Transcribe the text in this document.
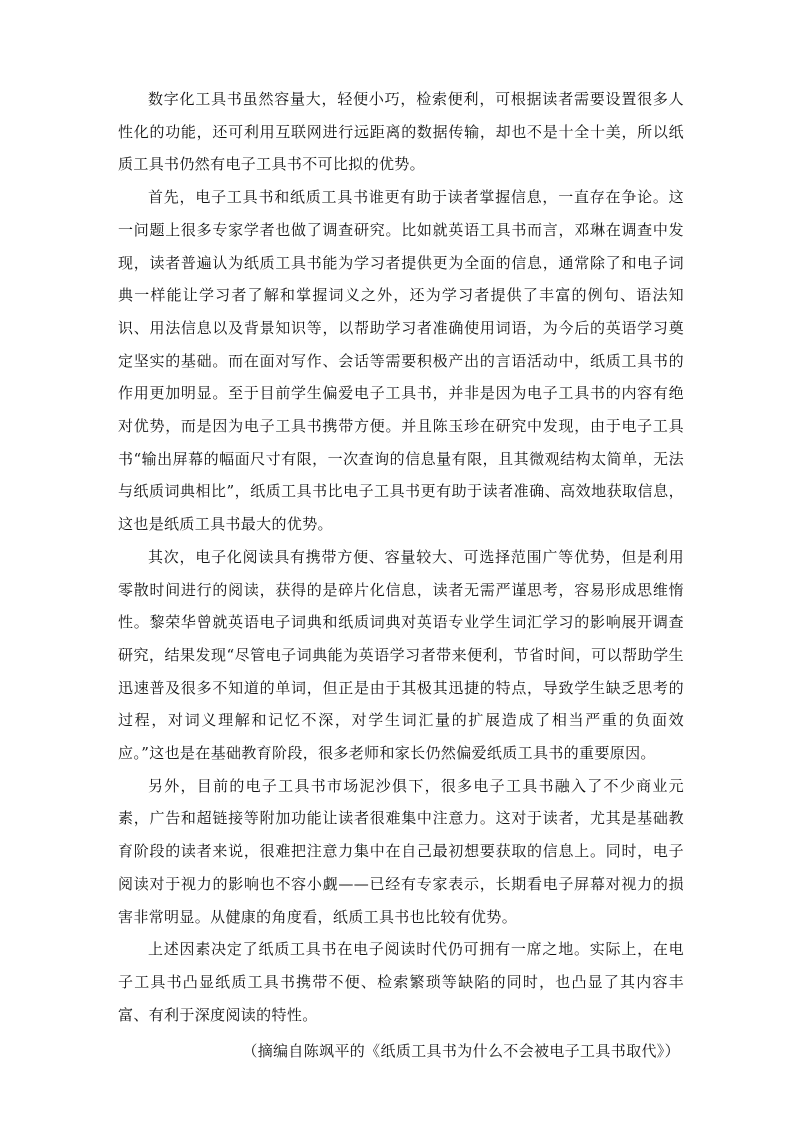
数字化工具书虽然容量大，轻便小巧，检索便利，可根据读者需要设置很多人性化的功能，还可利用互联网进行远距离的数据传输，却也不是十全十美，所以纸质工具书仍然有电子工具书不可比拟的优势。

首先，电子工具书和纸质工具书谁更有助于读者掌握信息，一直存在争论。这一问题上很多专家学者也做了调查研究。比如就英语工具书而言，邓琳在调查中发现，读者普遍认为纸质工具书能为学习者提供更为全面的信息，通常除了和电子词典一样能让学习者了解和掌握词义之外，还为学习者提供了丰富的例句、语法知识、用法信息以及背景知识等，以帮助学习者准确使用词语，为今后的英语学习奠定坚实的基础。而在面对写作、会话等需要积极产出的言语活动中，纸质工具书的作用更加明显。至于目前学生偏爱电子工具书，并非是因为电子工具书的内容有绝对优势，而是因为电子工具书携带方便。并且陈玉珍在研究中发现，由于电子工具书“输出屏幕的幅面尺寸有限，一次查询的信息量有限，且其微观结构太简单，无法与纸质词典相比”，纸质工具书比电子工具书更有助于读者准确、高效地获取信息，这也是纸质工具书最大的优势。

其次，电子化阅读具有携带方便、容量较大、可选择范围广等优势，但是利用零散时间进行的阅读，获得的是碎片化信息，读者无需严谨思考，容易形成思维惰性。黎荣华曾就英语电子词典和纸质词典对英语专业学生词汇学习的影响展开调查研究，结果发现“尽管电子词典能为英语学习者带来便利，节省时间，可以帮助学生迅速普及很多不知道的单词，但正是由于其极其迅捷的特点，导致学生缺乏思考的过程，对词义理解和记忆不深，对学生词汇量的扩展造成了相当严重的负面效应。”这也是在基础教育阶段，很多老师和家长仍然偏爱纸质工具书的重要原因。

另外，目前的电子工具书市场泥沙俱下，很多电子工具书融入了不少商业元素，广告和超链接等附加功能让读者很难集中注意力。这对于读者，尤其是基础教育阶段的读者来说，很难把注意力集中在自己最初想要获取的信息上。同时，电子阅读对于视力的影响也不容小觑——已经有专家表示，长期看电子屏幕对视力的损害非常明显。从健康的角度看，纸质工具书也比较有优势。

上述因素决定了纸质工具书在电子阅读时代仍可拥有一席之地。实际上，在电子工具书凸显纸质工具书携带不便、检索繁琐等缺陷的同时，也凸显了其内容丰富、有利于深度阅读的特性。

（摘编自陈飒平的《纸质工具书为什么不会被电子工具书取代》）
